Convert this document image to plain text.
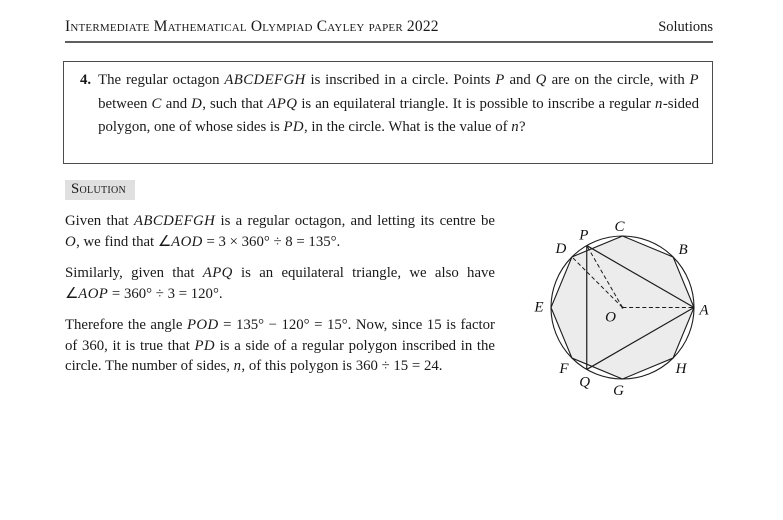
Intermediate Mathematical Olympiad Cayley paper 2022	Solutions
4. The regular octagon ABCDEFGH is inscribed in a circle. Points P and Q are on the circle, with P between C and D, such that APQ is an equilateral triangle. It is possible to inscribe a regular n-sided polygon, one of whose sides is PD, in the circle. What is the value of n?
Solution

Given that ABCDEFGH is a regular octagon, and letting its centre be O, we find that ∠AOD = 3 × 360° ÷ 8 = 135°.

Similarly, given that APQ is an equilateral triangle, we also have ∠AOP = 360° ÷ 3 = 120°.

Therefore the angle POD = 135° − 120° = 15°. Now, since 15 is factor of 360, it is true that PD is a side of a regular polygon inscribed in the circle. The number of sides, n, of this polygon is 360 ÷ 15 = 24.

A
B
C
D
E
F
G
H
P
Q
O
